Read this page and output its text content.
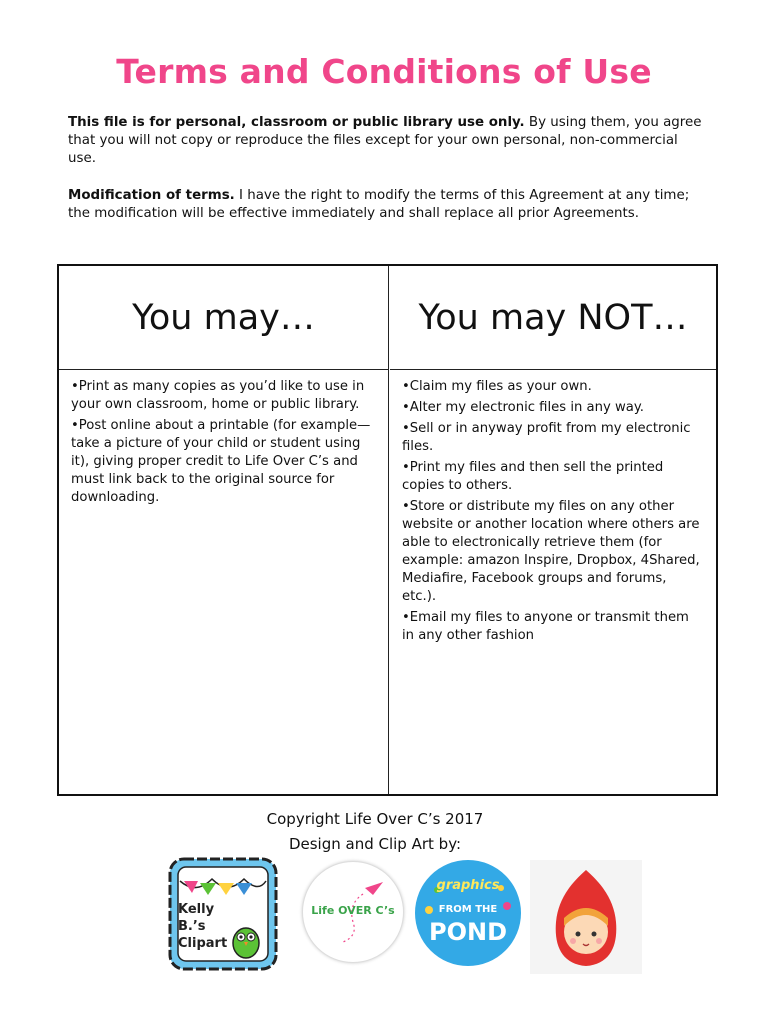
Terms and Conditions of Use
This file is for personal, classroom or public library use only. By using them, you agree that you will not copy or reproduce the files except for your own personal, non-commercial use.
Modification of terms. I have the right to modify the terms of this Agreement at any time; the modification will be effective immediately and shall replace all prior Agreements.
You may…
•Print as many copies as you’d like to use in your own classroom, home or public library.
•Post online about a printable (for example—take a picture of your child or student using it), giving proper credit to Life Over C’s and must link back to the original source for downloading.
You may NOT…
•Claim my files as your own.
•Alter my electronic files in any way.
•Sell or in anyway profit from my electronic files.
•Print my files and then sell the printed copies to others.
•Store or distribute my files on any other website or another location where others are able to electronically retrieve them (for example: amazon Inspire, Dropbox, 4Shared, Mediafire, Facebook groups and forums, etc.).
•Email my files to anyone or transmit them in any other fashion
Copyright Life Over C’s 2017
Design and Clip Art by:
Kelly B.’s Clipart
Life OVER C’s
graphics
FROM THE
POND
